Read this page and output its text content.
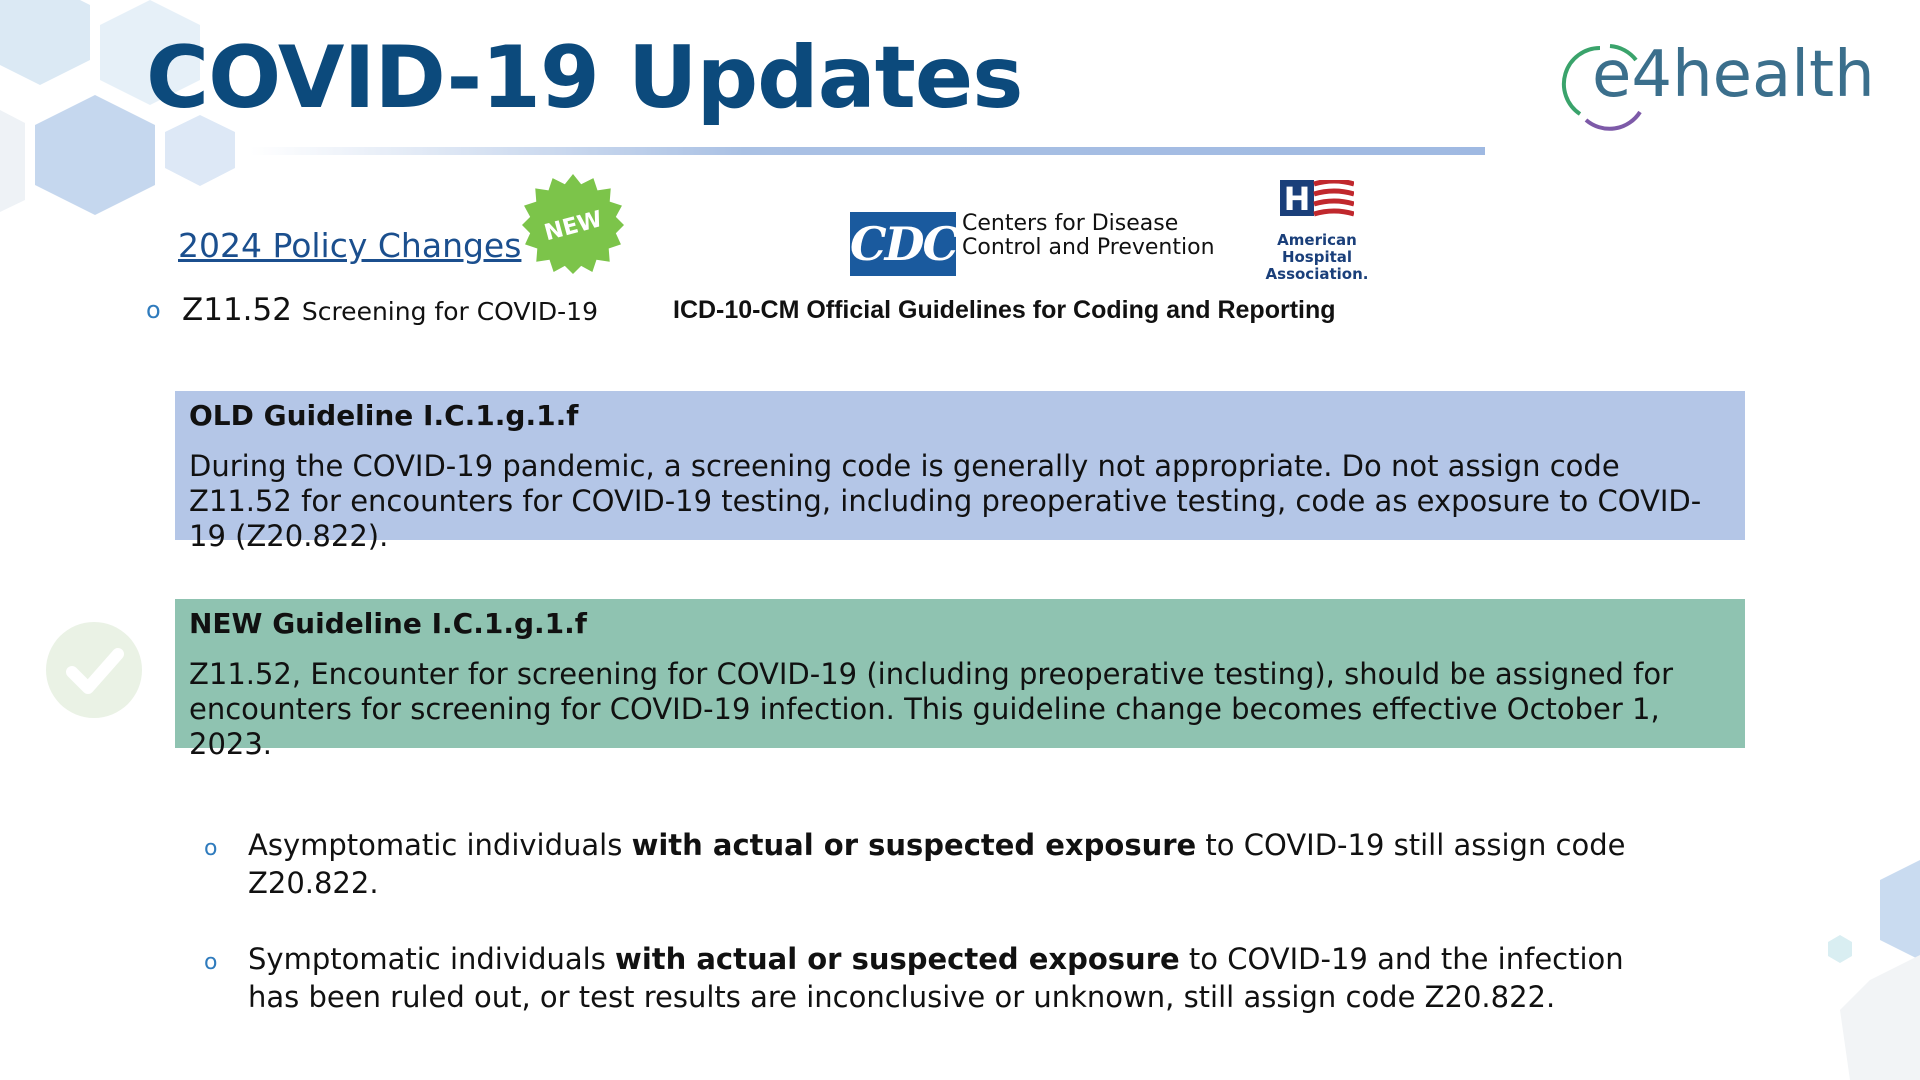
COVID-19 Updates	e4health
2024 Policy Changes NEW
o Z11.52 Screening for COVID-19
CDC Centers for Disease
Control and Prevention
H
American
Hospital
Association.
ICD-10-CM Official Guidelines for Coding and Reporting
OLD Guideline I.C.1.g.1.f
During the COVID-19 pandemic, a screening code is generally not appropriate. Do not assign code Z11.52 for encounters for COVID-19 testing, including preoperative testing, code as exposure to COVID-19 (Z20.822).
NEW Guideline I.C.1.g.1.f
Z11.52, Encounter for screening for COVID-19 (including preoperative testing), should be assigned for encounters for screening for COVID-19 infection. This guideline change becomes effective October 1, 2023.
o Asymptomatic individuals with actual or suspected exposure to COVID-19 still assign code Z20.822.
o Symptomatic individuals with actual or suspected exposure to COVID-19 and the infection has been ruled out, or test results are inconclusive or unknown, still assign code Z20.822.
